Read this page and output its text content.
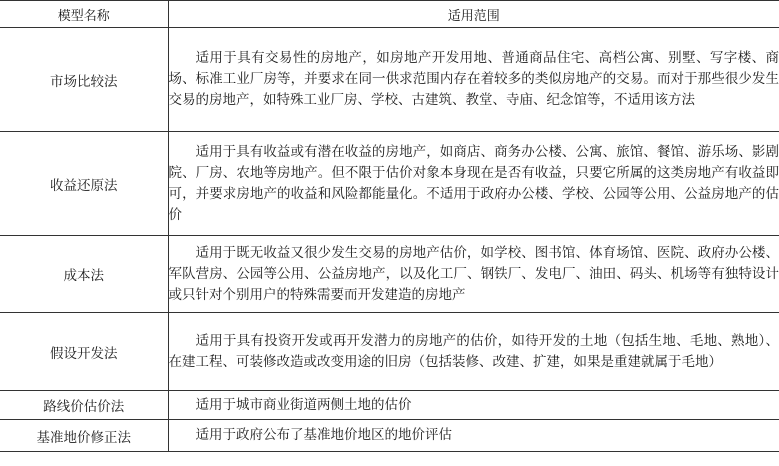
模型名称	适用范围
市场比较法	适用于具有交易性的房地产，如房地产开发用地、普通商品住宅、高档公寓、别墅、写字楼、商场、标准工业厂房等，并要求在同一供求范围内存在着较多的类似房地产的交易。而对于那些很少发生交易的房地产，如特殊工业厂房、学校、古建筑、教堂、寺庙、纪念馆等，不适用该方法

收益还原法	适用于具有收益或有潜在收益的房地产，如商店、商务办公楼、公寓、旅馆、餐馆、游乐场、影剧院、厂房、农地等房地产。但不限于估价对象本身现在是否有收益，只要它所属的这类房地产有收益即可，并要求房地产的收益和风险都能量化。不适用于政府办公楼、学校、公园等公用、公益房地产的估价

成本法	适用于既无收益又很少发生交易的房地产估价，如学校、图书馆、体育场馆、医院、政府办公楼、军队营房、公园等公用、公益房地产，以及化工厂、钢铁厂、发电厂、油田、码头、机场等有独特设计或只针对个别用户的特殊需要而开发建造的房地产

假设开发法	适用于具有投资开发或再开发潜力的房地产的估价，如待开发的土地（包括生地、毛地、熟地）、在建工程、可装修改造或改变用途的旧房（包括装修、改建、扩建，如果是重建就属于毛地）

路线价估价法	适用于城市商业街道两侧土地的估价

基准地价修正法	适用于政府公布了基准地价地区的地价评估
